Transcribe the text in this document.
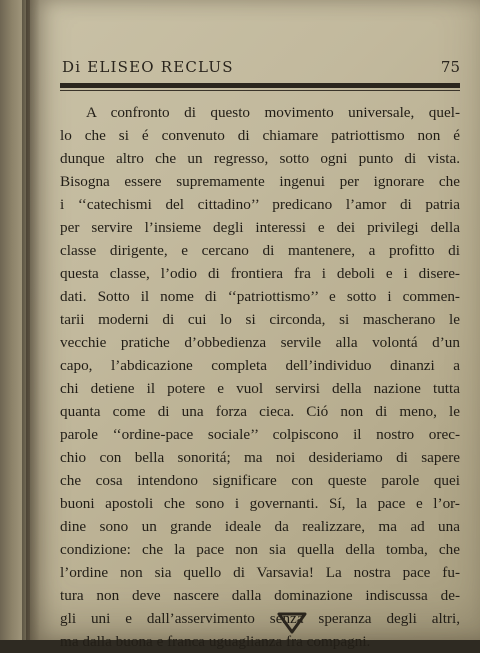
Di ELISEO RECLUS	75
A confronto di questo movimento universale, quel-
lo che si é convenuto di chiamare patriottismo non é
dunque altro che un regresso, sotto ogni punto di vista.
Bisogna essere supremamente ingenui per ignorare che
i ‘‘catechismi del cittadino’’ predicano l’amor di patria
per servire l’insieme degli interessi e dei privilegi della
classe dirigente, e cercano di mantenere, a profitto di
questa classe, l’odio di frontiera fra i deboli e i disere-
dati. Sotto il nome di ‘‘patriottismo’’ e sotto i commen-
tarii moderni di cui lo si circonda, si mascherano le
vecchie pratiche d’obbedienza servile alla volontá d’un
capo, l’abdicazione completa dell’individuo dinanzi a
chi detiene il potere e vuol servirsi della nazione tutta
quanta come di una forza cieca. Ció non di meno, le
parole ‘‘ordine-pace sociale’’ colpiscono il nostro orec-
chio con bella sonoritá; ma noi desideriamo di sapere
che cosa intendono significare con queste parole quei
buoni apostoli che sono i governanti. Sí, la pace e l’or-
dine sono un grande ideale da realizzare, ma ad una
condizione: che la pace non sia quella della tomba, che
l’ordine non sia quello di Varsavia! La nostra pace fu-
tura non deve nascere dalla dominazione indiscussa de-
gli uni e dall’asservimento senza speranza degli altri,
ma dalla buona e franca uguaglianza fra compagni.
